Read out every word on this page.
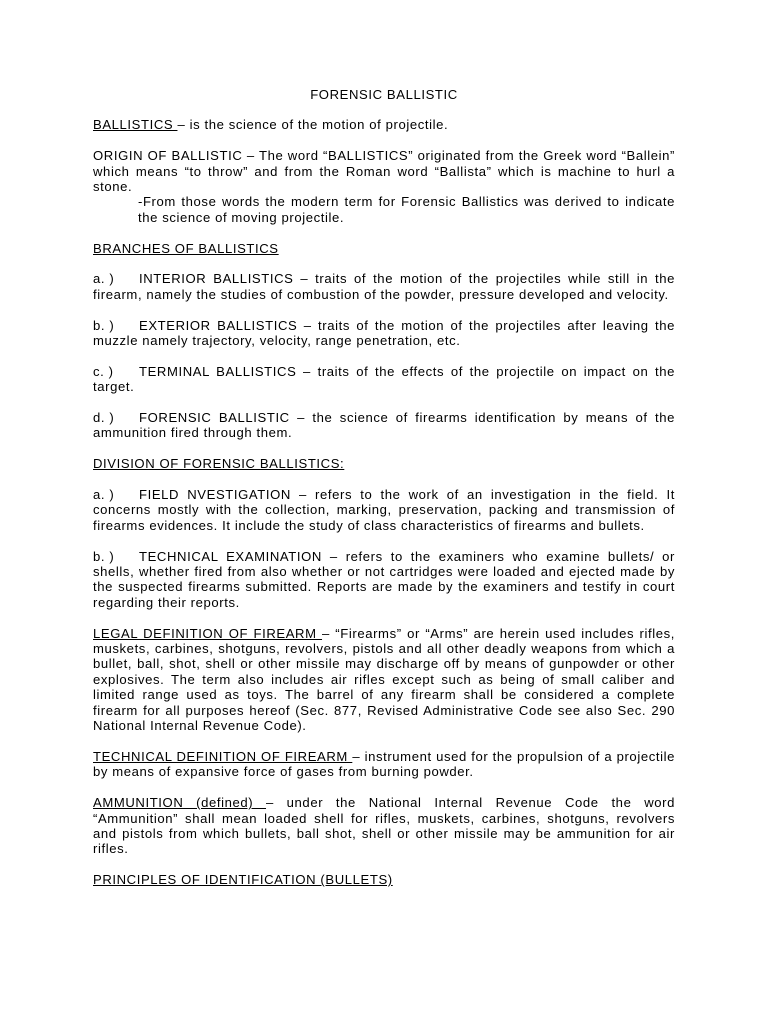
FORENSIC BALLISTIC

BALLISTICS – is the science of the motion of projectile.

ORIGIN OF BALLISTIC – The word “BALLISTICS” originated from the Greek word “Ballein” which means “to throw” and from the Roman word “Ballista” which is machine to hurl a stone.

-From those words the modern term for Forensic Ballistics was derived to indicate the science of moving projectile.

BRANCHES OF BALLISTICS

a. ) INTERIOR BALLISTICS – traits of the motion of the projectiles while still in the firearm, namely the studies of combustion of the powder, pressure developed and velocity.

b. ) EXTERIOR BALLISTICS – traits of the motion of the projectiles after leaving the muzzle namely trajectory, velocity, range penetration, etc.

c. ) TERMINAL BALLISTICS – traits of the effects of the projectile on impact on the target.

d. ) FORENSIC BALLISTIC – the science of firearms identification by means of the ammunition fired through them.

DIVISION OF FORENSIC BALLISTICS:

a. ) FIELD NVESTIGATION – refers to the work of an investigation in the field. It concerns mostly with the collection, marking, preservation, packing and transmission of firearms evidences. It include the study of class characteristics of firearms and bullets.

b. ) TECHNICAL EXAMINATION – refers to the examiners who examine bullets/ or shells, whether fired from also whether or not cartridges were loaded and ejected made by the suspected firearms submitted. Reports are made by the examiners and testify in court regarding their reports.

LEGAL DEFINITION OF FIREARM – “Firearms” or “Arms” are herein used includes rifles, muskets, carbines, shotguns, revolvers, pistols and all other deadly weapons from which a bullet, ball, shot, shell or other missile may discharge off by means of gunpowder or other explosives. The term also includes air rifles except such as being of small caliber and limited range used as toys. The barrel of any firearm shall be considered a complete firearm for all purposes hereof (Sec. 877, Revised Administrative Code see also Sec. 290 National Internal Revenue Code).

TECHNICAL DEFINITION OF FIREARM – instrument used for the propulsion of a projectile by means of expansive force of gases from burning powder.

AMMUNITION (defined) – under the National Internal Revenue Code the word “Ammunition” shall mean loaded shell for rifles, muskets, carbines, shotguns, revolvers and pistols from which bullets, ball shot, shell or other missile may be ammunition for air rifles.

PRINCIPLES OF IDENTIFICATION (BULLETS)
